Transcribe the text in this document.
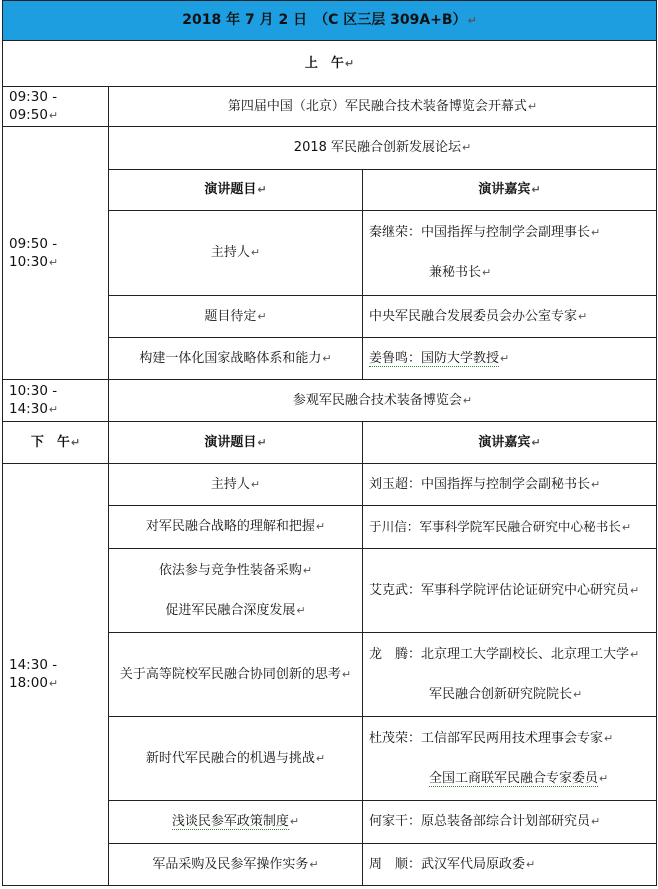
2018 年 7 月 2 日　（C 区三层 309A+B）↵		
上　午↵		
09:30 - 09:50↵	第四届中国（北京）军民融合技术装备博览会开幕式↵	
09:50 - 10:30↵	2018 军民融合创新发展论坛↵	
	演讲题目↵	演讲嘉宾↵
	主持人↵	秦继荣：中国指挥与控制学会副理事长↵
兼秘书长↵

	题目待定↵	中央军民融合发展委员会办公室专家↵
	构建一体化国家战略体系和能力↵	姜鲁鸣：国防大学教授↵
10:30 - 14:30↵	参观军民融合技术装备博览会↵	
下　午↵	演讲题目↵	演讲嘉宾↵
14:30 - 18:00↵	主持人↵	刘玉超：中国指挥与控制学会副秘书长↵
	对军民融合战略的理解和把握↵	于川信：军事科学院军民融合研究中心秘书长↵

	依法参与竞争性装备采购↵
促进军民融合深度发展↵	艾克武：军事科学院评估论证研究中心研究员↵
	关于高等院校军民融合协同创新的思考↵	龙　腾：北京理工大学副校长、北京理工大学↵
军民融合创新研究院院长↵

	新时代军民融合的机遇与挑战↵	杜茂荣：工信部军民两用技术理事会专家↵
全国工商联军民融合专家委员↵

	浅谈民参军政策制度↵	何家干：原总装备部综合计划部研究员↵
	军品采购及民参军操作实务↵	周　顺：武汉军代局原政委↵
